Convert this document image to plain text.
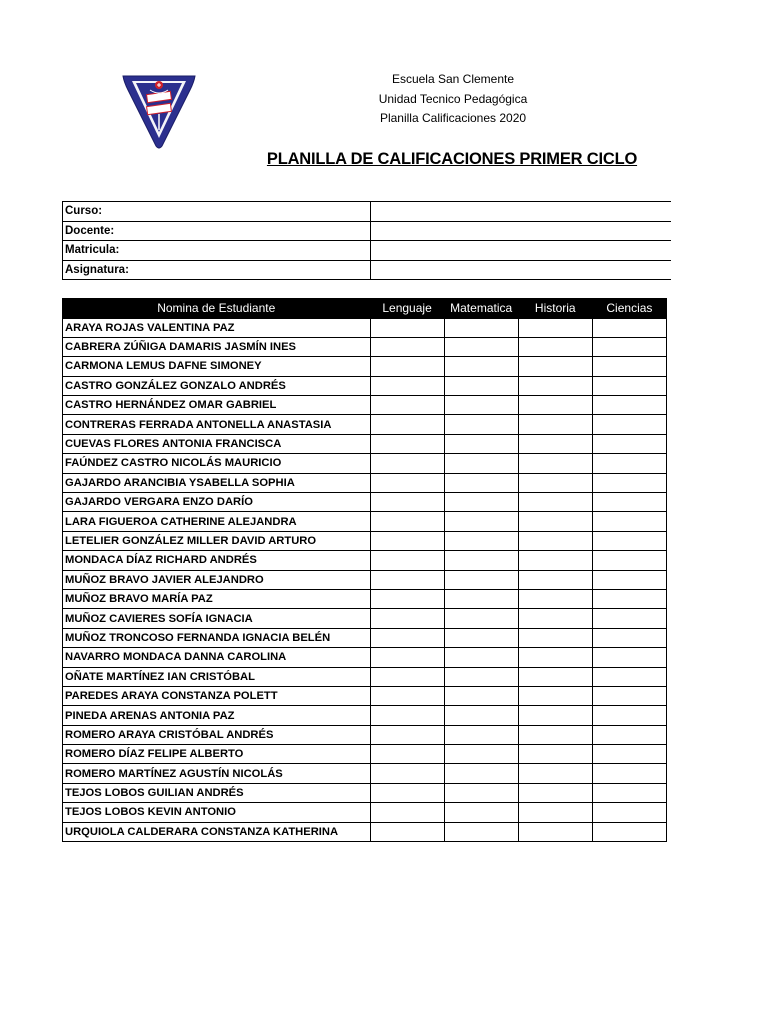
Escuela San Clemente
Unidad Tecnico Pedagógica
Planilla Calificaciones 2020
PLANILLA DE CALIFICACIONES PRIMER CICLO
Curso:	
Docente:	
Matricula:	
Asignatura:	
Nomina de Estudiante	Lenguaje	Matematica	Historia	Ciencias
ARAYA ROJAS VALENTINA PAZ				
CABRERA ZÚÑIGA DAMARIS JASMÍN INES				
CARMONA LEMUS DAFNE SIMONEY				
CASTRO GONZÁLEZ GONZALO ANDRÉS				
CASTRO HERNÁNDEZ OMAR GABRIEL				
CONTRERAS FERRADA ANTONELLA ANASTASIA				
CUEVAS FLORES ANTONIA FRANCISCA				
FAÚNDEZ CASTRO NICOLÁS MAURICIO				
GAJARDO ARANCIBIA YSABELLA SOPHIA				
GAJARDO VERGARA ENZO DARÍO				
LARA FIGUEROA CATHERINE ALEJANDRA				
LETELIER GONZÁLEZ MILLER DAVID ARTURO				
MONDACA DÍAZ RICHARD ANDRÉS				
MUÑOZ BRAVO JAVIER ALEJANDRO				
MUÑOZ BRAVO MARÍA PAZ				
MUÑOZ CAVIERES SOFÍA IGNACIA				
MUÑOZ TRONCOSO FERNANDA IGNACIA BELÉN				
NAVARRO MONDACA DANNA CAROLINA				
OÑATE MARTÍNEZ IAN CRISTÓBAL				
PAREDES ARAYA CONSTANZA POLETT				
PINEDA ARENAS ANTONIA PAZ				
ROMERO ARAYA CRISTÓBAL ANDRÉS				
ROMERO DÍAZ FELIPE ALBERTO				
ROMERO MARTÍNEZ AGUSTÍN NICOLÁS				
TEJOS LOBOS GUILIAN ANDRÉS				
TEJOS LOBOS KEVIN ANTONIO				
URQUIOLA CALDERARA CONSTANZA KATHERINA				
